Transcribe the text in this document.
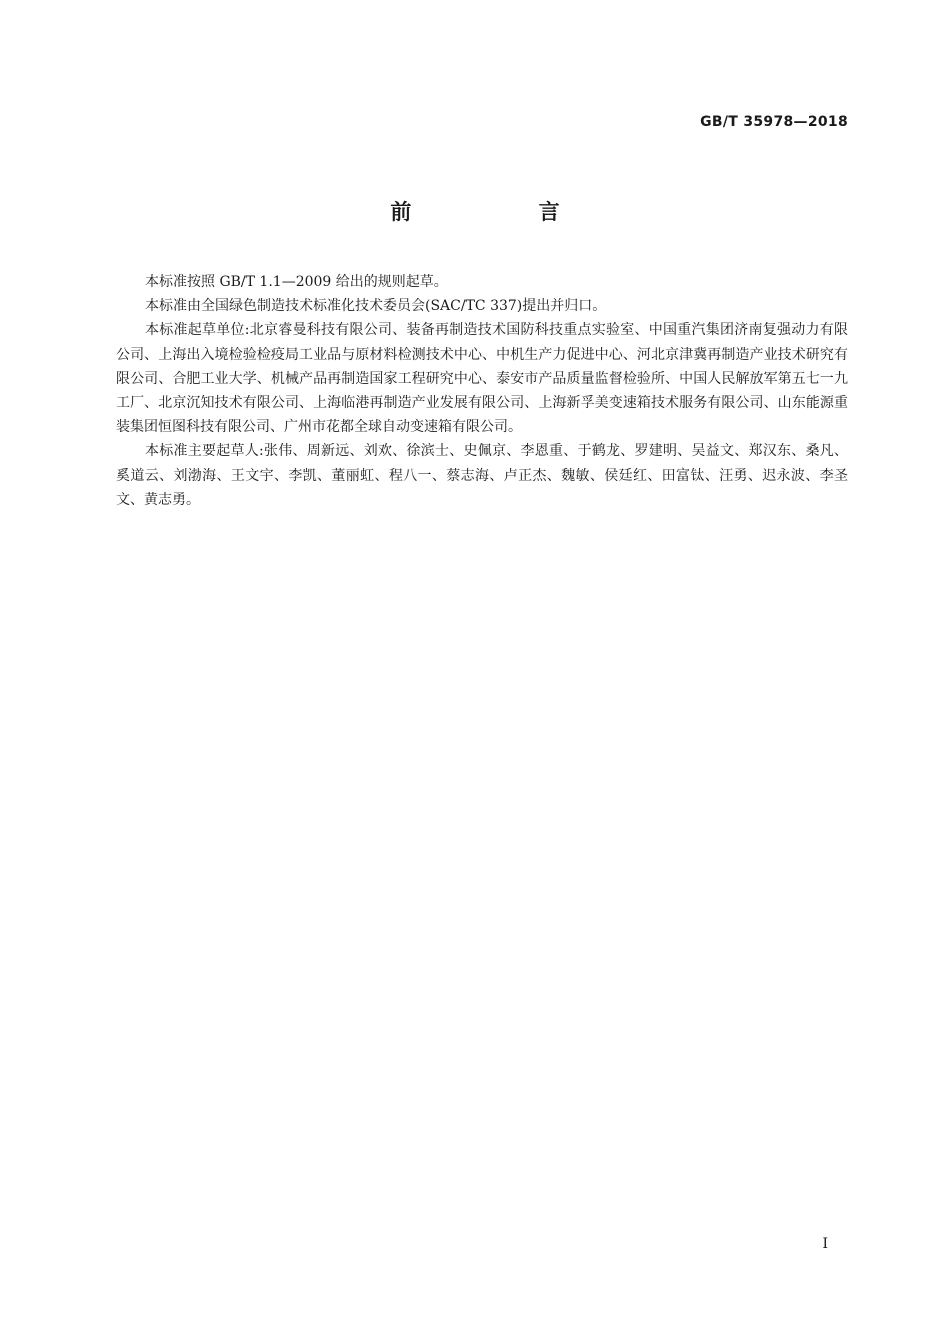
GB/T 35978—2018
前 言

本标准按照 GB/T 1.1—2009 给出的规则起草。

本标准由全国绿色制造技术标准化技术委员会(SAC/TC 337)提出并归口。

本标准起草单位:北京睿曼科技有限公司、装备再制造技术国防科技重点实验室、中国重汽集团济南复强动力有限公司、上海出入境检验检疫局工业品与原材料检测技术中心、中机生产力促进中心、河北京津冀再制造产业技术研究有限公司、合肥工业大学、机械产品再制造国家工程研究中心、泰安市产品质量监督检验所、中国人民解放军第五七一九工厂、北京沉知技术有限公司、上海临港再制造产业发展有限公司、上海新孚美变速箱技术服务有限公司、山东能源重装集团恒图科技有限公司、广州市花都全球自动变速箱有限公司。

本标准主要起草人:张伟、周新远、刘欢、徐滨士、史佩京、李恩重、于鹤龙、罗建明、吴益文、郑汉东、桑凡、奚道云、刘渤海、王文宇、李凯、董丽虹、程八一、蔡志海、卢正杰、魏敏、侯廷红、田富钛、汪勇、迟永波、李圣文、黄志勇。

I
